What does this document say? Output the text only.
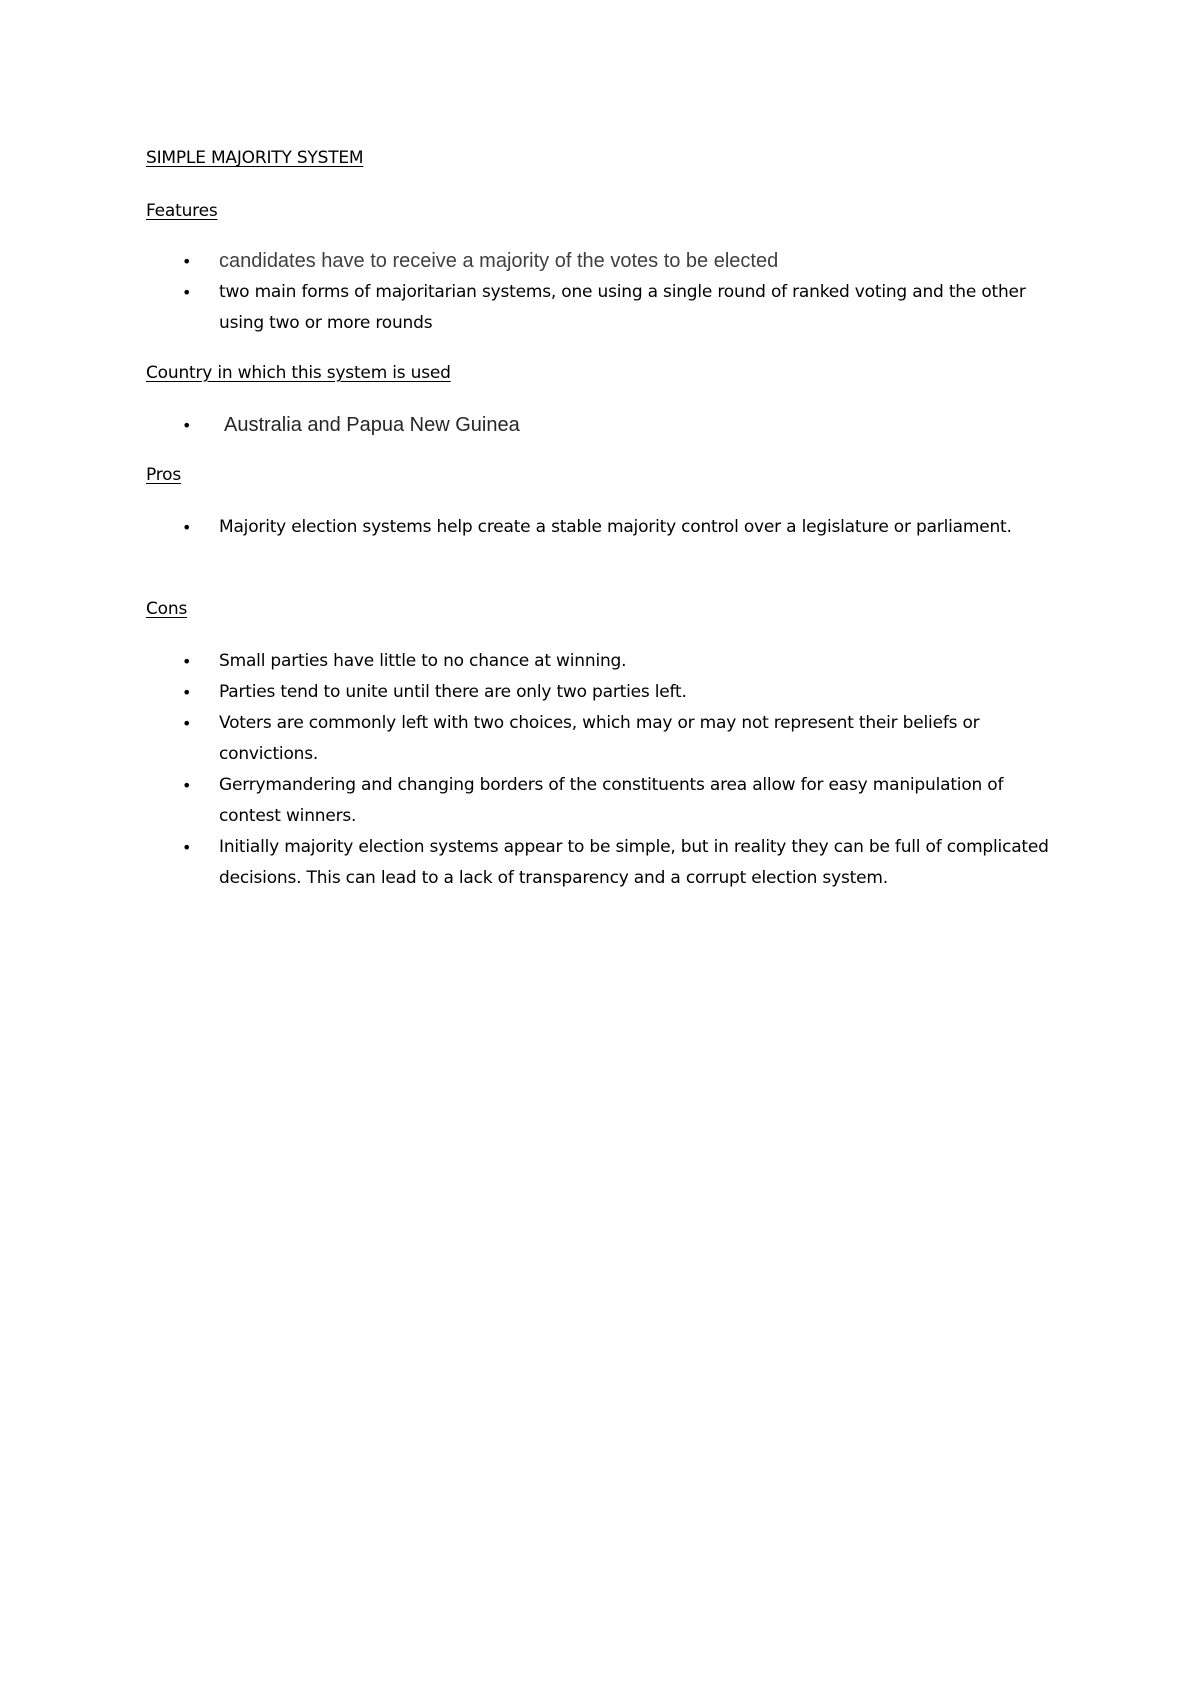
SIMPLE MAJORITY SYSTEM
Features
• candidates have to receive a majority of the votes to be elected
• two main forms of majoritarian systems, one using a single round of ranked voting and the other using two or more rounds
Country in which this system is used
• Australia and Papua New Guinea
Pros
• Majority election systems help create a stable majority control over a legislature or parliament.
Cons
• Small parties have little to no chance at winning.
• Parties tend to unite until there are only two parties left.
• Voters are commonly left with two choices, which may or may not represent their beliefs or convictions.
• Gerrymandering and changing borders of the constituents area allow for easy manipulation of contest winners.
• Initially majority election systems appear to be simple, but in reality they can be full of complicated decisions. This can lead to a lack of transparency and a corrupt election system.
